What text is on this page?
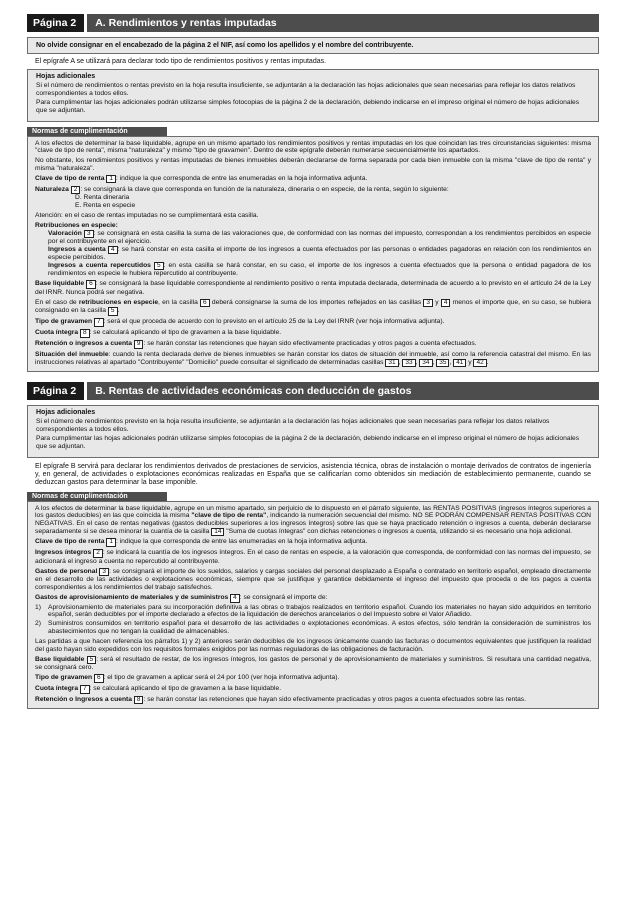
Página 2	A. Rendimientos y rentas imputadas
No olvide consignar en el encabezado de la página 2 el NIF, así como los apellidos y el nombre del contribuyente.
El epígrafe A se utilizará para declarar todo tipo de rendimientos positivos y rentas imputadas.
Hojas adicionales

Si el número de rendimientos o rentas previsto en la hoja resulta insuficiente, se adjuntarán a la declaración las hojas adicionales que sean necesarias para reflejar los datos relativos correspondientes a todos ellos.

Para cumplimentar las hojas adicionales podrán utilizarse simples fotocopias de la página 2 de la declaración, debiendo indicarse en el impreso original el número de hojas adicionales que se adjuntan.

Normas de cumplimentación

A los efectos de determinar la base liquidable, agrupe en un mismo apartado los rendimientos positivos y rentas imputadas en los que coincidan las tres circunstancias siguientes: misma "clave de tipo de renta", misma "naturaleza" y mismo "tipo de gravamen". Dentro de este epígrafe deberán numerarse secuencialmente los apartados.

No obstante, los rendimientos positivos y rentas imputadas de bienes inmuebles deberán declararse de forma separada por cada bien inmueble con la misma "clave de tipo de renta" y misma "naturaleza".

Clave de tipo de renta 1 : indique la que corresponda de entre las enumeradas en la hoja informativa adjunta.

Naturaleza 2 : se consignará la clave que corresponda en función de la naturaleza, dineraria o en especie, de la renta, según lo siguiente:

D. Renta dineraria

E. Renta en especie

Atención: en el caso de rentas imputadas no se cumplimentará esta casilla.

Retribuciones en especie:

Valoración 3 : se consignará en esta casilla la suma de las valoraciones que, de conformidad con las normas del impuesto, correspondan a los rendimientos percibidos en especie por el contribuyente en el ejercicio.

Ingresos a cuenta 4 : se hará constar en esta casilla el importe de los ingresos a cuenta efectuados por las personas o entidades pagadoras en relación con los rendimientos en especie percibidos.

Ingresos a cuenta repercutidos 5 : en esta casilla se hará constar, en su caso, el importe de los ingresos a cuenta efectuados que la persona o entidad pagadora de los rendimientos en especie le hubiera repercutido al contribuyente.

Base liquidable 6 : se consignará la base liquidable correspondiente al rendimiento positivo o renta imputada declarada, determinada de acuerdo a lo previsto en el artículo 24 de la Ley del IRNR. Nunca podrá ser negativa.

En el caso de retribuciones en especie, en la casilla 6 deberá consignarse la suma de los importes reflejados en las casillas 3 y 4 menos el importe que, en su caso, se hubiera consignado en la casilla 5 .

Tipo de gravamen 7 : será el que proceda de acuerdo con lo previsto en el artículo 25 de la Ley del IRNR (ver hoja informativa adjunta).

Cuota íntegra 8 : se calculará aplicando el tipo de gravamen a la base liquidable.

Retención o ingresos a cuenta 9 : se harán constar las retenciones que hayan sido efectivamente practicadas y otros pagos a cuenta efectuados.

Situación del inmueble: cuando la renta declarada derive de bienes inmuebles se harán constar los datos de situación del inmueble, así como la referencia catastral del mismo. En las instrucciones relativas al apartado "Contribuyente" "Domicilio" puede consultar el significado de determinadas casillas 31 , 33 , 34 , 35 , 41 y 42 .

Página 2	B. Rentas de actividades económicas con deducción de gastos
Hojas adicionales

Si el número de rendimientos previsto en la hoja resulta insuficiente, se adjuntarán a la declaración las hojas adicionales que sean necesarias para reflejar los datos relativos correspondientes a todos ellos.

Para cumplimentar las hojas adicionales podrán utilizarse simples fotocopias de la página 2 de la declaración, debiendo indicarse en el impreso original el número de hojas adicionales que se adjuntan.

El epígrafe B servirá para declarar los rendimientos derivados de prestaciones de servicios, asistencia técnica, obras de instalación o montaje derivados de contratos de ingeniería y, en general, de actividades o explotaciones económicas realizadas en España que se calificarían como obtenidos sin mediación de establecimiento permanente, cuando se deduzcan gastos para determinar la base imponible.
Normas de cumplimentación

A los efectos de determinar la base liquidable, agrupe en un mismo apartado, sin perjuicio de lo dispuesto en el párrafo siguiente, las RENTAS POSITIVAS (ingresos íntegros superiores a los gastos deducibles) en las que coincida la misma "clave de tipo de renta", indicando la numeración secuencial del mismo. NO SE PODRÁN COMPENSAR RENTAS POSITIVAS CON NEGATIVAS. En el caso de rentas negativas (gastos deducibles superiores a los ingresos íntegros) sobre las que se haya practicado retención o ingresos a cuenta, deberán declararse separadamente si se desea minorar la cuantía de la casilla 14 "Suma de cuotas íntegras" con dichas retenciones o ingresos a cuenta, utilizando si es necesario una hoja adicional.

Clave de tipo de renta 1 : indique la que corresponda de entre las enumeradas en la hoja informativa adjunta.

Ingresos íntegros 2 : se indicará la cuantía de los ingresos íntegros. En el caso de rentas en especie, a la valoración que corresponda, de conformidad con las normas del impuesto, se adicionará el ingreso a cuenta no repercutido al contribuyente.

Gastos de personal 3 : se consignará el importe de los sueldos, salarios y cargas sociales del personal desplazado a España o contratado en territorio español, empleado directamente en el desarrollo de las actividades o explotaciones económicas, siempre que se justifique y garantice debidamente el ingreso del impuesto que proceda o de los pagos a cuenta correspondientes a los rendimientos del trabajo satisfechos.

Gastos de aprovisionamiento de materiales y de suministros 4 : se consignará el importe de:

1)	Aprovisionamiento de materiales para su incorporación definitiva a las obras o trabajos realizados en territorio español. Cuando los materiales no hayan sido adquiridos en territorio español, serán deducibles por el importe declarado a efectos de la liquidación de derechos arancelarios o del Impuesto sobre el Valor Añadido.
2)	Suministros consumidos en territorio español para el desarrollo de las actividades o explotaciones económicas. A estos efectos, sólo tendrán la consideración de suministros los abastecimientos que no tengan la cualidad de almacenables.

Las partidas a que hacen referencia los párrafos 1) y 2) anteriores serán deducibles de los ingresos únicamente cuando las facturas o documentos equivalentes que justifiquen la realidad del gasto hayan sido expedidos con los requisitos formales exigidos por las normas reguladoras de las obligaciones de facturación.

Base liquidable 5 : será el resultado de restar, de los ingresos íntegros, los gastos de personal y de aprovisionamiento de materiales y suministros. Si resultara una cantidad negativa, se consignará cero.

Tipo de gravamen 6 : el tipo de gravamen a aplicar será el 24 por 100 (ver hoja informativa adjunta).

Cuota íntegra 7 : se calculará aplicando el tipo de gravamen a la base liquidable.

Retención o Ingresos a cuenta 8 : se harán constar las retenciones que hayan sido efectivamente practicadas y otros pagos a cuenta efectuados sobre las rentas.
